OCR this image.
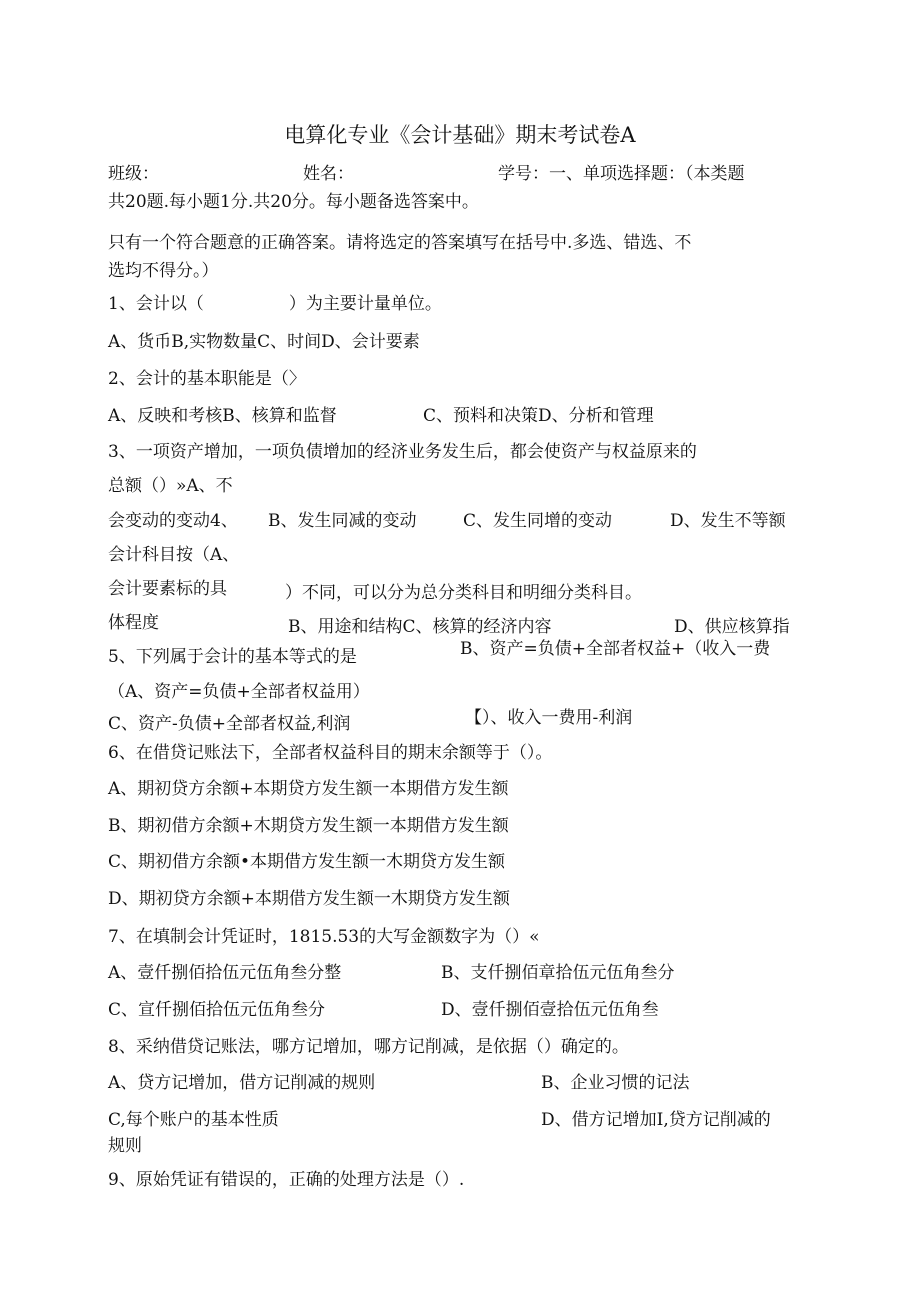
电算化专业《会计基础》期末考试卷A
班级：	姓名：	学号：一、单项选择题：（本类题
共20题.每小题1分.共20分。每小题备选答案中。
只有一个符合题意的正确答案。请将选定的答案填写在括号中.多选、错选、不
选均不得分。）
1、会计以（　　　　　）为主要计量单位。
A、货币B,实物数量C、时间D、会计要素
2、会计的基本职能是（〉
A、反映和考核B、核算和监督	C、预料和决策D、分析和管理
3、一项资产增加，一项负债增加的经济业务发生后，都会使资产与权益原来的
总额（）»A、不
会变动的变动4、 B、发生同减的变动	C、发生同增的变动	D、发生不等额
会计科目按（A、
会计要素标的具	）不同，可以分为总分类科目和明细分类科目。
体程度	B、用途和结构C、核算的经济内容	D、供应核算指
5、下列属于会计的基本等式的是	B、资产=负债+全部者权益+（收入一费
（A、资产=负债+全部者权益用）
C、资产-负债+全部者权益,利润	【）、收入一费用-利润
6、在借贷记账法下，全部者权益科目的期末余额等于（）。
A、期初贷方余额+本期贷方发生额一本期借方发生额
B、期初借方余额+木期贷方发生额一本期借方发生额
C、期初借方余额•本期借方发生额一木期贷方发生额
D、期初贷方余额+本期借方发生额一木期贷方发生额
7、在填制会计凭证时，1815.53的大写金额数字为（）«
A、壹仟捌佰拾伍元伍角叁分整	B、支仟捌佰章拾伍元伍角叁分
C、宣仟捌佰拾伍元伍角叁分	D、壹仟捌佰壹拾伍元伍角叁
8、采纳借贷记账法，哪方记增加，哪方记削减，是依据（）确定的。
A、贷方记增加，借方记削减的规则	B、企业习惯的记法
C,每个账户的基本性质	D、借方记增加I,贷方记削减的
规则
9、原始凭证有错误的，正确的处理方法是（）.
